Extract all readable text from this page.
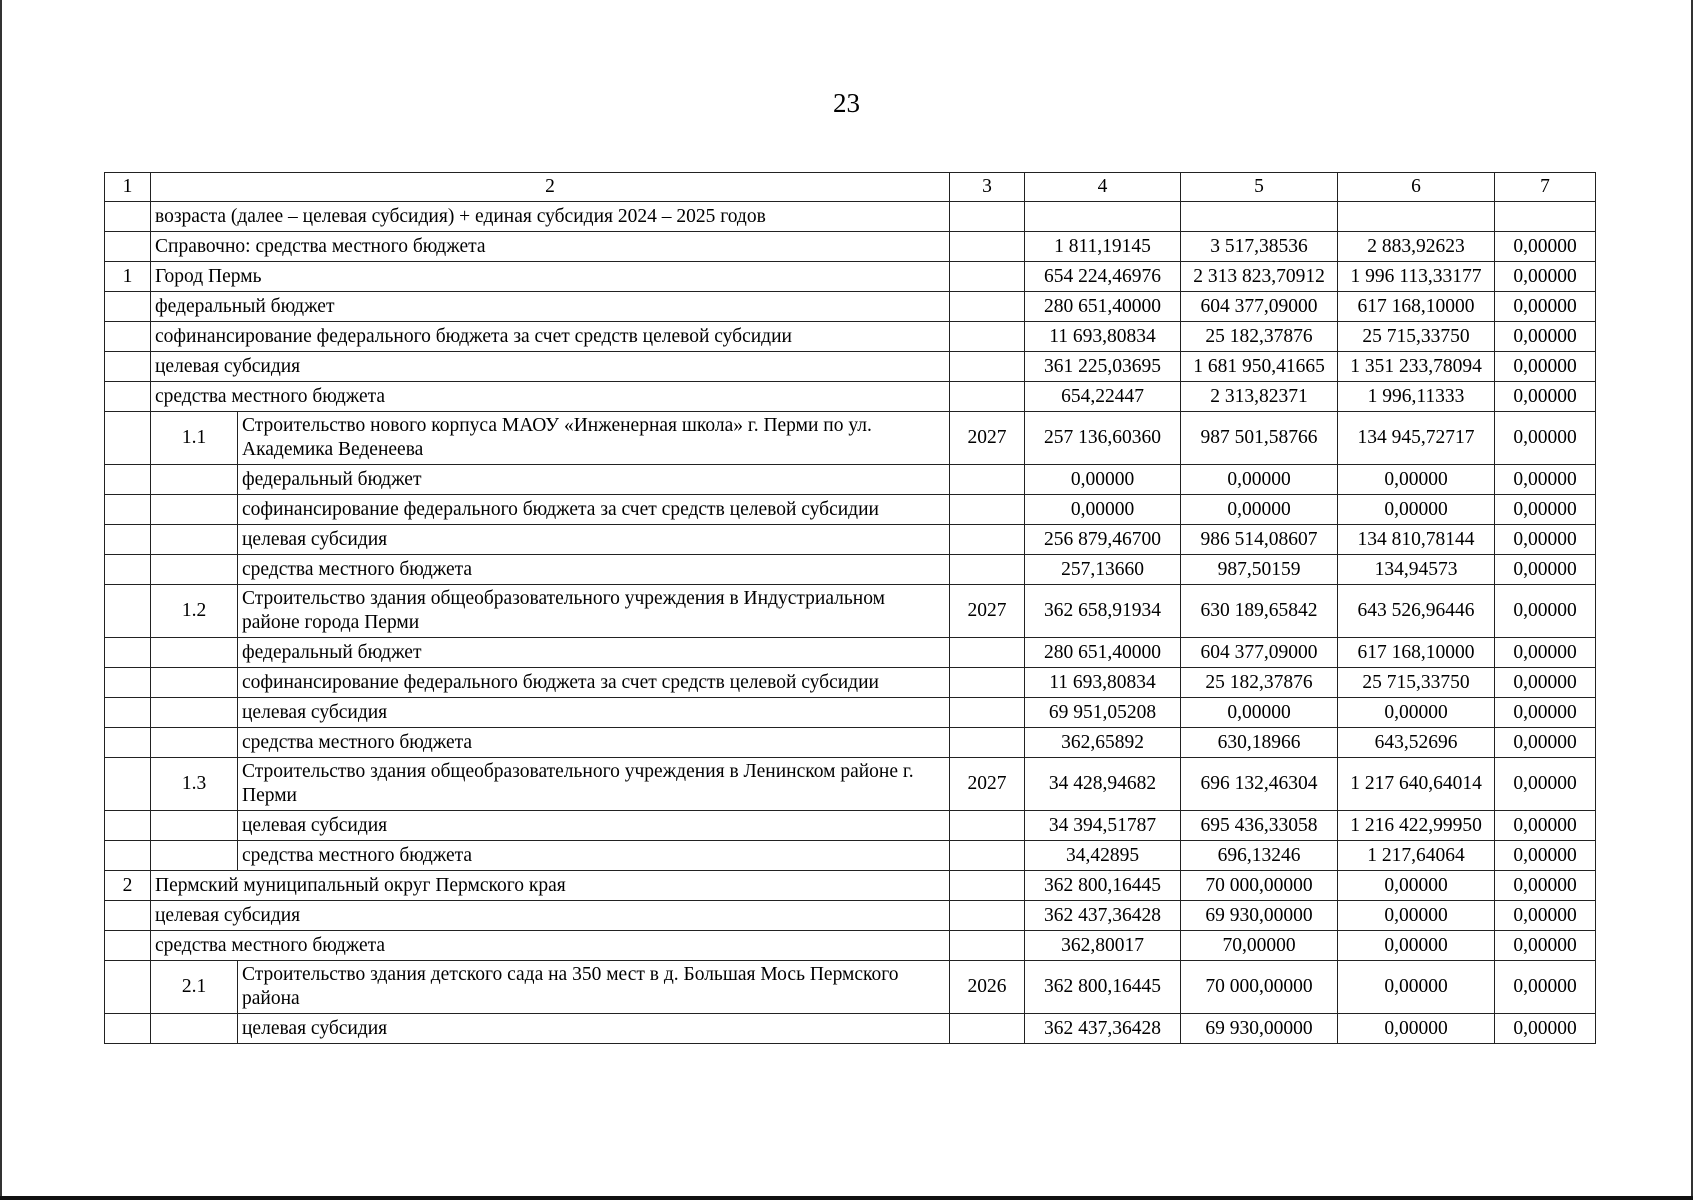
23
1	2		3	4	5	6	7
	возраста (далее – целевая субсидия) + единая субсидия 2024 – 2025 годов						
	Справочно: средства местного бюджета			1 811,19145	3 517,38536	2 883,92623	0,00000
1	Город Пермь			654 224,46976	2 313 823,70912	1 996 113,33177	0,00000
	федеральный бюджет			280 651,40000	604 377,09000	617 168,10000	0,00000
	софинансирование федерального бюджета за счет средств целевой субсидии			11 693,80834	25 182,37876	25 715,33750	0,00000
	целевая субсидия			361 225,03695	1 681 950,41665	1 351 233,78094	0,00000
	средства местного бюджета			654,22447	2 313,82371	1 996,11333	0,00000
	1.1	Строительство нового корпуса МАОУ «Инженерная школа» г. Перми по ул. Академика Веденеева	2027	257 136,60360	987 501,58766	134 945,72717	0,00000
		федеральный бюджет		0,00000	0,00000	0,00000	0,00000
		софинансирование федерального бюджета за счет средств целевой субсидии		0,00000	0,00000	0,00000	0,00000
		целевая субсидия		256 879,46700	986 514,08607	134 810,78144	0,00000
		средства местного бюджета		257,13660	987,50159	134,94573	0,00000
	1.2	Строительство здания общеобразовательного учреждения в Индустриальном районе города Перми	2027	362 658,91934	630 189,65842	643 526,96446	0,00000
		федеральный бюджет		280 651,40000	604 377,09000	617 168,10000	0,00000
		софинансирование федерального бюджета за счет средств целевой субсидии		11 693,80834	25 182,37876	25 715,33750	0,00000
		целевая субсидия		69 951,05208	0,00000	0,00000	0,00000
		средства местного бюджета		362,65892	630,18966	643,52696	0,00000
	1.3	Строительство здания общеобразовательного учреждения в Ленинском районе г. Перми	2027	34 428,94682	696 132,46304	1 217 640,64014	0,00000
		целевая субсидия		34 394,51787	695 436,33058	1 216 422,99950	0,00000
		средства местного бюджета		34,42895	696,13246	1 217,64064	0,00000
2	Пермский муниципальный округ Пермского края			362 800,16445	70 000,00000	0,00000	0,00000
	целевая субсидия			362 437,36428	69 930,00000	0,00000	0,00000
	средства местного бюджета			362,80017	70,00000	0,00000	0,00000
	2.1	Строительство здания детского сада на 350 мест в д. Большая Мось Пермского района	2026	362 800,16445	70 000,00000	0,00000	0,00000
		целевая субсидия		362 437,36428	69 930,00000	0,00000	0,00000
